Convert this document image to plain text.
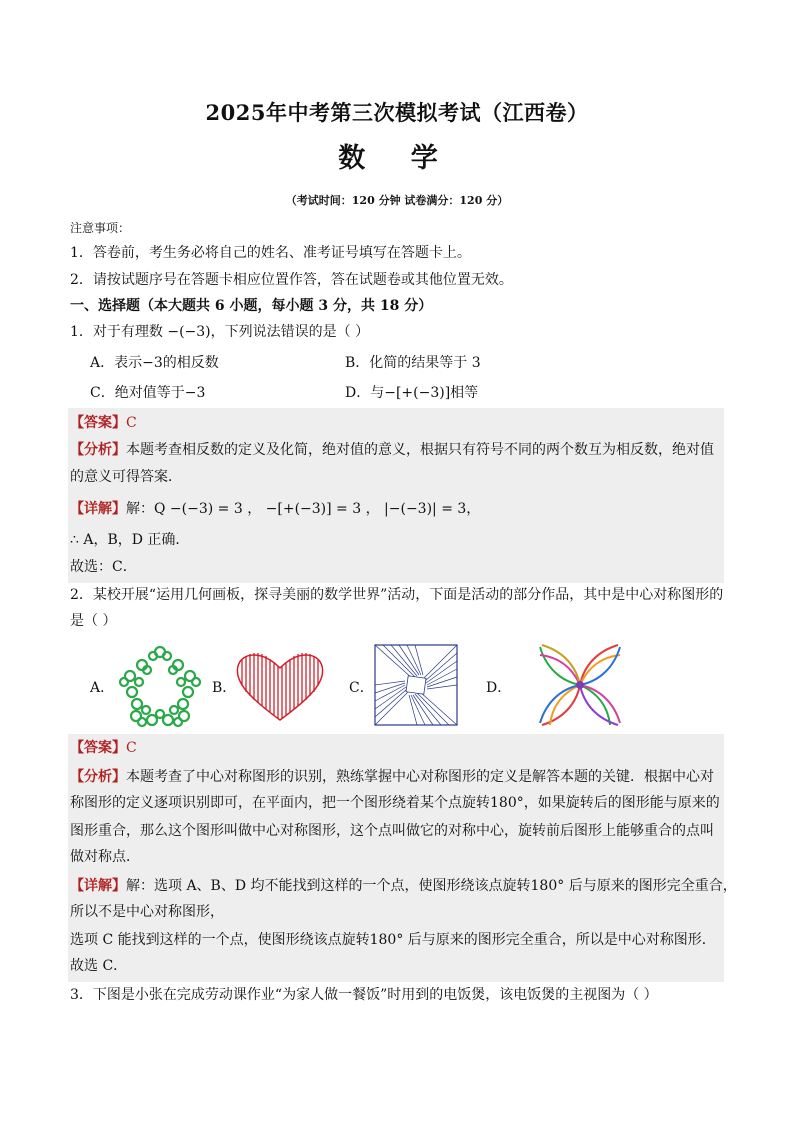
2025年中考第三次模拟考试（江西卷）
数 学
（考试时间：120 分钟 试卷满分：120 分）
注意事项：
1．答卷前，考生务必将自己的姓名、准考证号填写在答题卡上。
2．请按试题序号在答题卡相应位置作答，答在试题卷或其他位置无效。
一、选择题（本大题共 6 小题，每小题 3 分，共 18 分）
1．对于有理数 −(−3)，下列说法错误的是（ ）
A．表示−3的相反数	B．化简的结果等于 3
C．绝对值等于−3	D．与−[+(−3)]相等
【答案】C
【分析】本题考查相反数的定义及化简，绝对值的意义，根据只有符号不同的两个数互为相反数，绝对值
的意义可得答案．
【详解】解：Q −(−3) = 3 ， −[+(−3)] = 3 ， |−(−3)| = 3，
∴ A，B，D 正确．
故选：C．
2．某校开展“运用几何画板，探寻美丽的数学世界”活动，下面是活动的部分作品，其中是中心对称图形的
是（ ）
A．	B．	C．	D．
【答案】C
【分析】本题考查了中心对称图形的识别，熟练掌握中心对称图形的定义是解答本题的关键．根据中心对
称图形的定义逐项识别即可，在平面内，把一个图形绕着某个点旋转180°，如果旋转后的图形能与原来的
图形重合，那么这个图形叫做中心对称图形，这个点叫做它的对称中心，旋转前后图形上能够重合的点叫
做对称点．
【详解】解：选项 A、B、D 均不能找到这样的一个点，使图形绕该点旋转180° 后与原来的图形完全重合，
所以不是中心对称图形，
选项 C 能找到这样的一个点，使图形绕该点旋转180° 后与原来的图形完全重合，所以是中心对称图形．
故选 C．
3．下图是小张在完成劳动课作业“为家人做一餐饭”时用到的电饭煲，该电饭煲的主视图为（ ）
